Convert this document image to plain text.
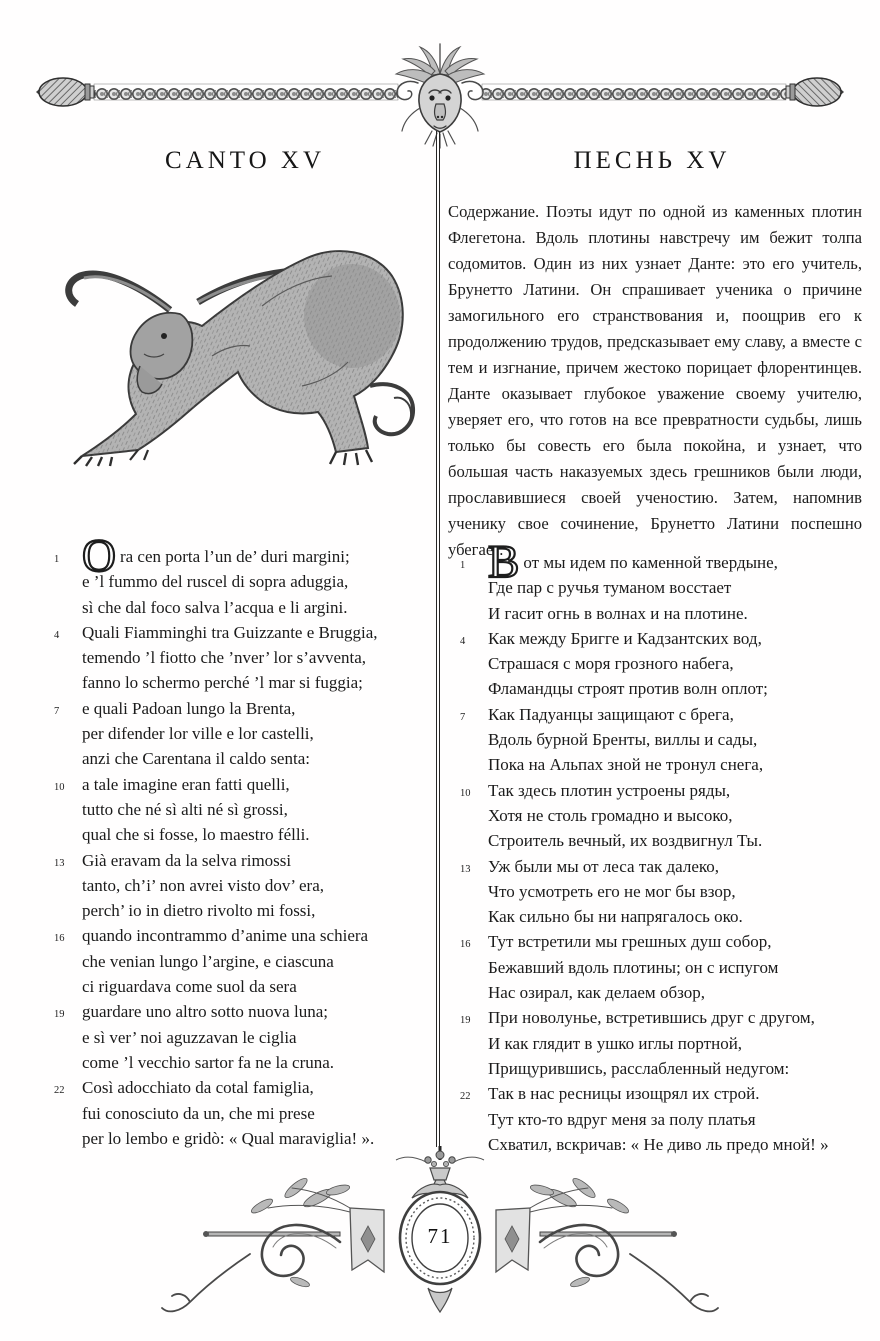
CANTO XV	ПЕСНЬ XV
Содержание. Поэты идут по одной из каменных плотин Флегетона. Вдоль плотины навстречу им бежит толпа содомитов. Один из них узнает Данте: это его учитель, Брунетто Латини. Он спрашивает ученика о причине замогильного его странствования и, поощрив его к продолжению трудов, предсказывает ему славу, а вместе с тем и изгнание, причем жестоко порицает флорентинцев. Данте оказывает глубокое уважение своему учителю, уверяет его, что готов на все превратности судьбы, лишь только бы совесть его была покойна, и узнает, что большая часть наказуемых здесь грешников были люди, прославившиеся своей ученостию. Затем, напомнив ученику свое сочинение, Брунетто Латини поспешно убегает.
1 Ora cen porta l’un de’ duri margini;
e ’l fummo del ruscel di sopra aduggia,
sì che dal foco salva l’acqua e li argini.
4	Quali Fiamminghi tra Guizzante e Bruggia,
temendo ’l fiotto che ’nver’ lor s’avventa,
fanno lo schermo perché ’l mar si fuggia;
7	e quali Padoan lungo la Brenta,
per difender lor ville e lor castelli,
anzi che Carentana il caldo senta:
10	a tale imagine eran fatti quelli,
tutto che né sì alti né sì grossi,
qual che si fosse, lo maestro félli.
13	Già eravam da la selva rimossi
tanto, ch’i’ non avrei visto dov’ era,
perch’ io in dietro rivolto mi fossi,
16	quando incontrammo d’anime una schiera
che venian lungo l’argine, e ciascuna
ci riguardava come suol da sera
19	guardare uno altro sotto nuova luna;
e sì ver’ noi aguzzavan le ciglia
come ’l vecchio sartor fa ne la cruna.
22	Così adocchiato da cotal famiglia,
fui conosciuto da un, che mi prese
per lo lembo e gridò: « Qual maraviglia! ».
1 Вот мы идем по каменной твердыне,
Где пар с ручья туманом восстает
И гасит огнь в волнах и на плотине.
4	Как между Бригге и Кадзантских вод,
Страшася с моря грозного набега,
Фламандцы строят против волн оплот;
7	Как Падуанцы защищают с брега,
Вдоль бурной Бренты, виллы и сады,
Пока на Альпах зной не тронул снега,
10	Так здесь плотин устроены ряды,
Хотя не столь громадно и высоко,
Строитель вечный, их воздвигнул Ты.
13	Уж были мы от леса так далеко,
Что усмотреть его не мог бы взор,
Как сильно бы ни напрягалось око.
16	Тут встретили мы грешных душ собор,
Бежавший вдоль плотины; он с испугом
Нас озирал, как делаем обзор,
19	При новолунье, встретившись друг с другом,
И как глядит в ушко иглы портной,
Прищурившись, расслабленный недугом:
22	Так в нас ресницы изощрял их строй.
Тут кто-то вдруг меня за полу платья
Схватил, вскричав: « Не диво ль предо мной! »
71
